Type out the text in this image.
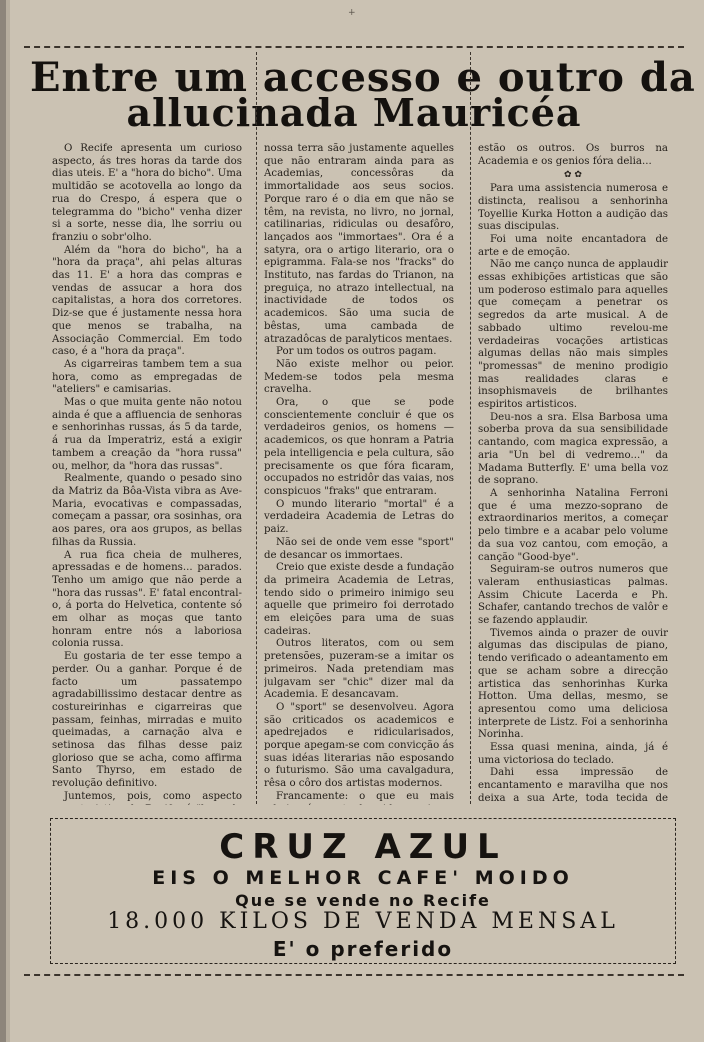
+
Entre um accesso e outro da
allucinada Mauricéa

O Recife apresenta um curioso aspecto, ás tres horas da tarde dos dias uteis. E' a "hora do bicho". Uma multidão se acotovella ao longo da rua do Crespo, á espera que o telegramma do "bicho" venha dizer si a sorte, nesse dia, lhe sorriu ou franziu o sobr'olho.

Além da "hora do bicho", ha a "hora da praça", ahi pelas alturas das 11. E' a hora das compras e vendas de assucar a hora dos capitalistas, a hora dos corretores. Diz-se que é justamente nessa hora que menos se trabalha, na Associação Commercial. Em todo caso, é a "hora da praça".

As cigarreiras tambem tem a sua hora, como as empregadas de "ateliers" e camisarias.

Mas o que muita gente não notou ainda é que a affluencia de senhoras e senhorinhas russas, ás 5 da tarde, á rua da Imperatriz, está a exigir tambem a creação da "hora russa" ou, melhor, da "hora das russas".

Realmente, quando o pesado sino da Matriz da Bôa-Vista vibra as Ave-Maria, evocativas e compassadas, começam a passar, ora sosinhas, ora aos pares, ora aos grupos, as bellas filhas da Russia.

A rua fica cheia de mulheres, apressadas e de homens... parados. Tenho um amigo que não perde a "hora das russas". E' fatal encontral-o, á porta do Helvetica, contente só em olhar as moças que tanto honram entre nós a laboriosa colonia russa.

Eu gostaria de ter esse tempo a perder. Ou a ganhar. Porque é de facto um passatempo agradabillissimo destacar dentre as costureirinhas e cigarreiras que passam, feinhas, mirradas e muito queimadas, a carnação alva e setinosa das filhas desse paiz glorioso que se acha, como affirma Santo Thyrso, em estado de revolução definitivo.

Juntemos, pois, como aspecto

nossa terra são justamente aquelles que não entraram ainda para as Academias, concessôras da immortalidade aos seus socios. Porque raro é o dia em que não se têm, na revista, no livro, no jornal, catilinarias, ridiculas ou desafôro, lançados aos "immortaes". Ora é a satyra, ora o artigo literario, ora o epigramma. Fala-se nos "fracks" do Instituto, nas fardas do Trianon, na preguiça, no atrazo intellectual, na inactividade de todos os academicos. São uma sucia de bêstas, uma cambada de atrazadôcas de paralyticos mentaes.

Por um todos os outros pagam.

Não existe melhor ou peior. Medem-se todos pela mesma cravelha.

Ora, o que se pode conscientemente concluir é que os verdadeiros genios, os homens — academicos, os que honram a Patria pela intelligencia e pela cultura, são precisamente os que fóra ficaram, occupados no estridôr das vaias, nos conspicuos "fraks" que entraram.

O mundo literario "mortal" é a verdadeira Academia de Letras do paiz.

Não sei de onde vem esse "sport" de desancar os immortaes.

Creio que existe desde a fundação da primeira Academia de Letras, tendo sido o primeiro inimigo seu aquelle que primeiro foi derrotado em eleições para uma de suas cadeiras.

Outros literatos, com ou sem pretensões, puzeram-se a imitar os primeiros. Nada pretendiam mas julgavam ser "chic" dizer mal da Academia. E desancavam.

O "sport" se desenvolveu. Agora são criticados os academicos e apedrejados e ridicularisados, porque apegam-se com convicção ás suas idéas literarias não esposando o futurismo. São uma cavalgadura, rêsa o côro dos artistas modernos.

Francamente: o que eu mais

estão os outros. Os burros na Academia e os genios fóra delia...

✿ ✿

Para uma assistencia numerosa e distincta, realisou a senhorinha Toyellie Kurka Hotton a audição das suas discipulas.

Foi uma noite encantadora de arte e de emoção.

Não me canço nunca de applaudir essas exhibições artisticas que são um poderoso estimalo para aquelles que começam a penetrar os segredos da arte musical. A de sabbado ultimo revelou-me verdadeiras vocações artisticas algumas dellas não mais simples "promessas" de menino prodigio mas realidades claras e insophismaveis de brilhantes espiritos artisticos.

Deu-nos a sra. Elsa Barbosa uma soberba prova da sua sensibilidade cantando, com magica expressão, a aria "Un bel di vedremo..." da Madama Butterfly. E' uma bella voz de soprano.

A senhorinha Natalina Ferroni que é uma mezzo-soprano de extraordinarios meritos, a começar pelo timbre e a acabar pelo volume da sua voz cantou, com emoção, a canção "Good-bye".

Seguiram-se outros numeros que valeram enthusiasticas palmas. Assim Chicute Lacerda e Ph. Schafer, cantando trechos de valôr e se fazendo applaudir.

Tivemos ainda o prazer de ouvir algumas das discipulas de piano, tendo verificado o adeantamento em que se acham sobre a direcção artistica das senhorinhas Kurka Hotton. Uma dellas, mesmo, se apresentou como uma deliciosa interprete de Listz. Foi a senhorinha Norinha.

Essa quasi menina, ainda, já é uma victoriosa do teclado.

Dahi essa impressão de encantamento e maravilha que nos deixa a sua Arte, toda tecida de

CRUZ AZUL
EIS O MELHOR CAFE' MOIDO
Que se vende no Recife
18.000 KILOS DE VENDA MENSAL
E' o preferido
